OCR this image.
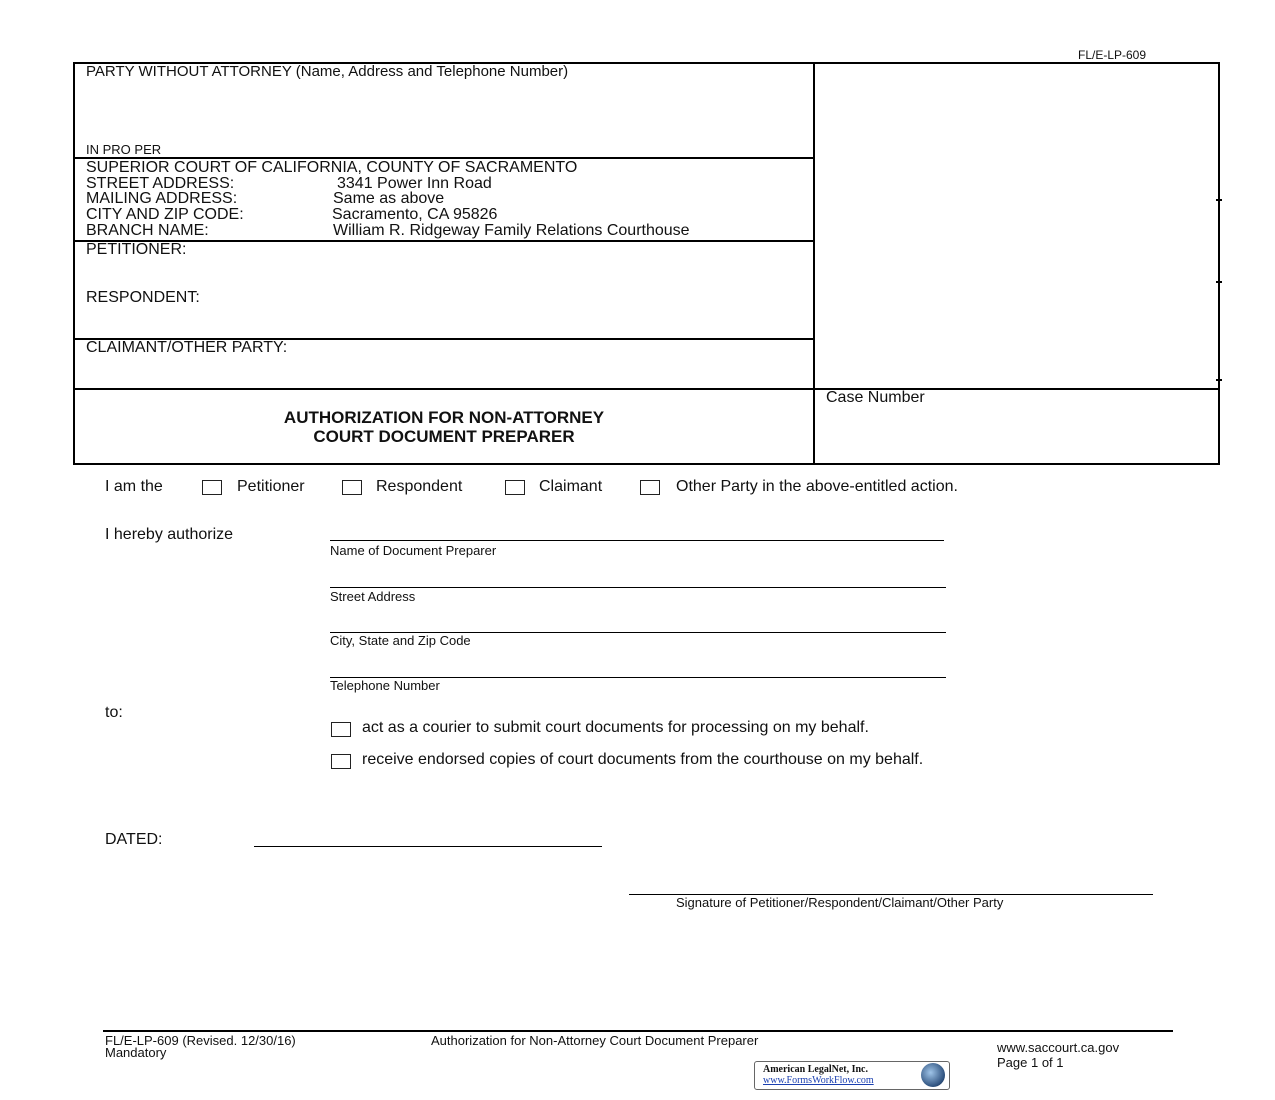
FL/E-LP-609
PARTY WITHOUT ATTORNEY (Name, Address and Telephone Number)
IN PRO PER
SUPERIOR COURT OF CALIFORNIA, COUNTY OF SACRAMENTO
STREET ADDRESS:	3341 Power Inn Road
MAILING ADDRESS:	Same as above
CITY AND ZIP CODE:	Sacramento, CA 95826
BRANCH NAME:	William R. Ridgeway Family Relations Courthouse
PETITIONER:
RESPONDENT:
CLAIMANT/OTHER PARTY:
AUTHORIZATION FOR NON-ATTORNEY
COURT DOCUMENT PREPARER
Case Number
I am the	Petitioner	Respondent	Claimant	Other Party in the above-entitled action.
I hereby authorize
Name of Document Preparer
Street Address
City, State and Zip Code
Telephone Number
to:
act as a courier to submit court documents for processing on my behalf.
receive endorsed copies of court documents from the courthouse on my behalf.
DATED:
Signature of Petitioner/Respondent/Claimant/Other Party
FL/E-LP-609 (Revised. 12/30/16)
Mandatory
Authorization for Non-Attorney Court Document Preparer	www.saccourt.ca.gov
Page 1 of 1
American LegalNet, Inc.
www.FormsWorkFlow.com
